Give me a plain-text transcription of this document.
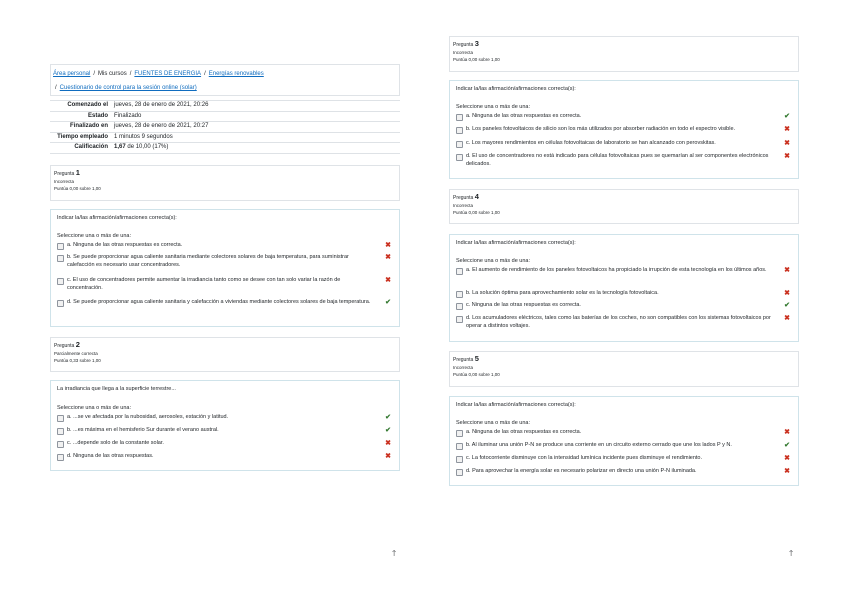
Área personal / Mis cursos / FUENTES DE ENERGIA / Energías renovables
/ Cuestionario de control para la sesión online (solar)
Comenzado el	jueves, 28 de enero de 2021, 20:26
Estado	Finalizado
Finalizado en	jueves, 28 de enero de 2021, 20:27
Tiempo empleado	1 minutos 9 segundos
Calificación	1,67 de 10,00 (17%)
Pregunta 1
Incorrecta
Puntúa 0,00 sobre 1,00
Indicar la/las afirmación/afirmaciones correcta(s):
Seleccione una o más de una:
a. Ninguna de las otras respuestas es correcta.	✖
b. Se puede proporcionar agua caliente sanitaria mediante colectores solares de baja temperatura, para suministrar calefacción es necesario usar concentradores.
✖
c. El uso de concentradores permite aumentar la irradiancia tanto como se desee con tan solo variar la razón de concentración.
✖
d. Se puede proporcionar agua caliente sanitaria y calefacción a viviendas mediante colectores solares de baja temperatura.	✔
Pregunta 2
Parcialmente correcta
Puntúa 0,33 sobre 1,00
La irradiancia que llega a la superficie terrestre...
Seleccione una o más de una:
a. ...se ve afectada por la nubosidad, aerosoles, estación y latitud.	✔
b. ...es máxima en el hemisferio Sur durante el verano austral.	✔
c. ...depende solo de la constante solar.	✖
d. Ninguna de las otras respuestas.	✖
🡑
Pregunta 3
Incorrecta
Puntúa 0,00 sobre 1,00
Indicar la/las afirmación/afirmaciones correcta(s):
Seleccione una o más de una:
a. Ninguna de las otras respuestas es correcta.	✔
b. Los paneles fotovoltaicos de silicio son los más utilizados por absorber radiación en todo el espectro visible.	✖
c. Los mayores rendimientos en células fotovoltaicas de laboratorio se han alcanzado con perovskitas.	✖
d. El uso de concentradores no está indicado para células fotovoltaicas pues se quemarían al ser componentes electrónicos delicados.
✖
Pregunta 4
Incorrecta
Puntúa 0,00 sobre 1,00
Indicar la/las afirmación/afirmaciones correcta(s):
Seleccione una o más de una:
a. El aumento de rendimiento de los paneles fotovoltaicos ha propiciado la irrupción de esta tecnología en los últimos años.	✖
b. La solución óptima para aprovechamiento solar es la tecnología fotovoltaica.	✖
c. Ninguna de las otras respuestas es correcta.	✔
d. Los acumuladores eléctricos, tales como las baterías de los coches, no son compatibles con los sistemas fotovoltaicos por operar a distintos voltajes.
✖
Pregunta 5
Incorrecta
Puntúa 0,00 sobre 1,00
Indicar la/las afirmación/afirmaciones correcta(s):
Seleccione una o más de una:
a. Ninguna de las otras respuestas es correcta.	✖
b. Al iluminar una unión P-N se produce una corriente en un circuito externo cerrado que une los lados P y N.	✔
c. La fotocorriente disminuye con la intensidad lumínica incidente pues disminuye el rendimiento.	✖
d. Para aprovechar la energía solar es necesario polarizar en directo una unión P-N iluminada.	✖
🡑
